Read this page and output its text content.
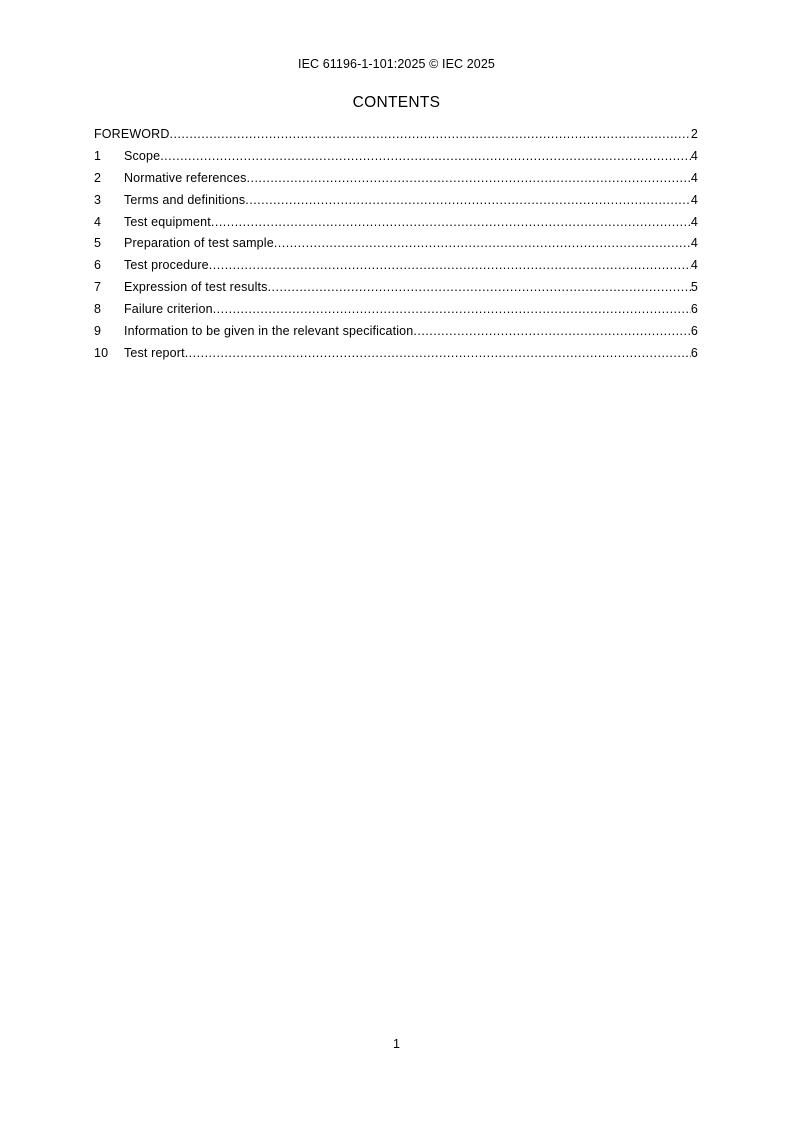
IEC 61196-1-101:2025 © IEC 2025
CONTENTS
FOREWORD .....	2
1	Scope .....	4
2	Normative references .....	4
3	Terms and definitions .....	4
4	Test equipment .....	4
5	Preparation of test sample .....	4
6	Test procedure .....	4
7	Expression of test results .....	5
8	Failure criterion .....	6
9	Information to be given in the relevant specification .....	6
10	Test report .....	6
1
